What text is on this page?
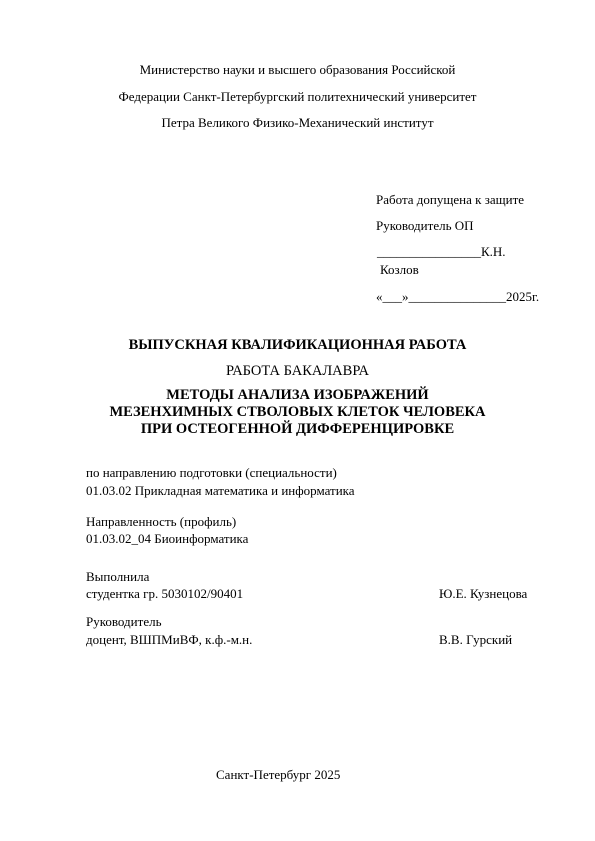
Министерство науки и высшего образования Российской
Федерации Санкт-Петербургский политехнический университет
Петра Великого Физико-Механический институт
Работа допущена к защите
Руководитель ОП
________________К.Н.
Козлов
«___»_______________2025г.
ВЫПУСКНАЯ КВАЛИФИКАЦИОННАЯ РАБОТА
РАБОТА БАКАЛАВРА
МЕТОДЫ АНАЛИЗА ИЗОБРАЖЕНИЙ
МЕЗЕНХИМНЫХ СТВОЛОВЫХ КЛЕТОК ЧЕЛОВЕКА
ПРИ ОСТЕОГЕННОЙ ДИФФЕРЕНЦИРОВКЕ
по направлению подготовки (специальности)
01.03.02 Прикладная математика и информатика
Направленность (профиль)
01.03.02_04 Биоинформатика
Выполнила
студентка гр. 5030102/90401	Ю.Е. Кузнецова
Руководитель
доцент, ВШПМиВФ, к.ф.-м.н.	В.В. Гурский
Санкт-Петербург 2025
